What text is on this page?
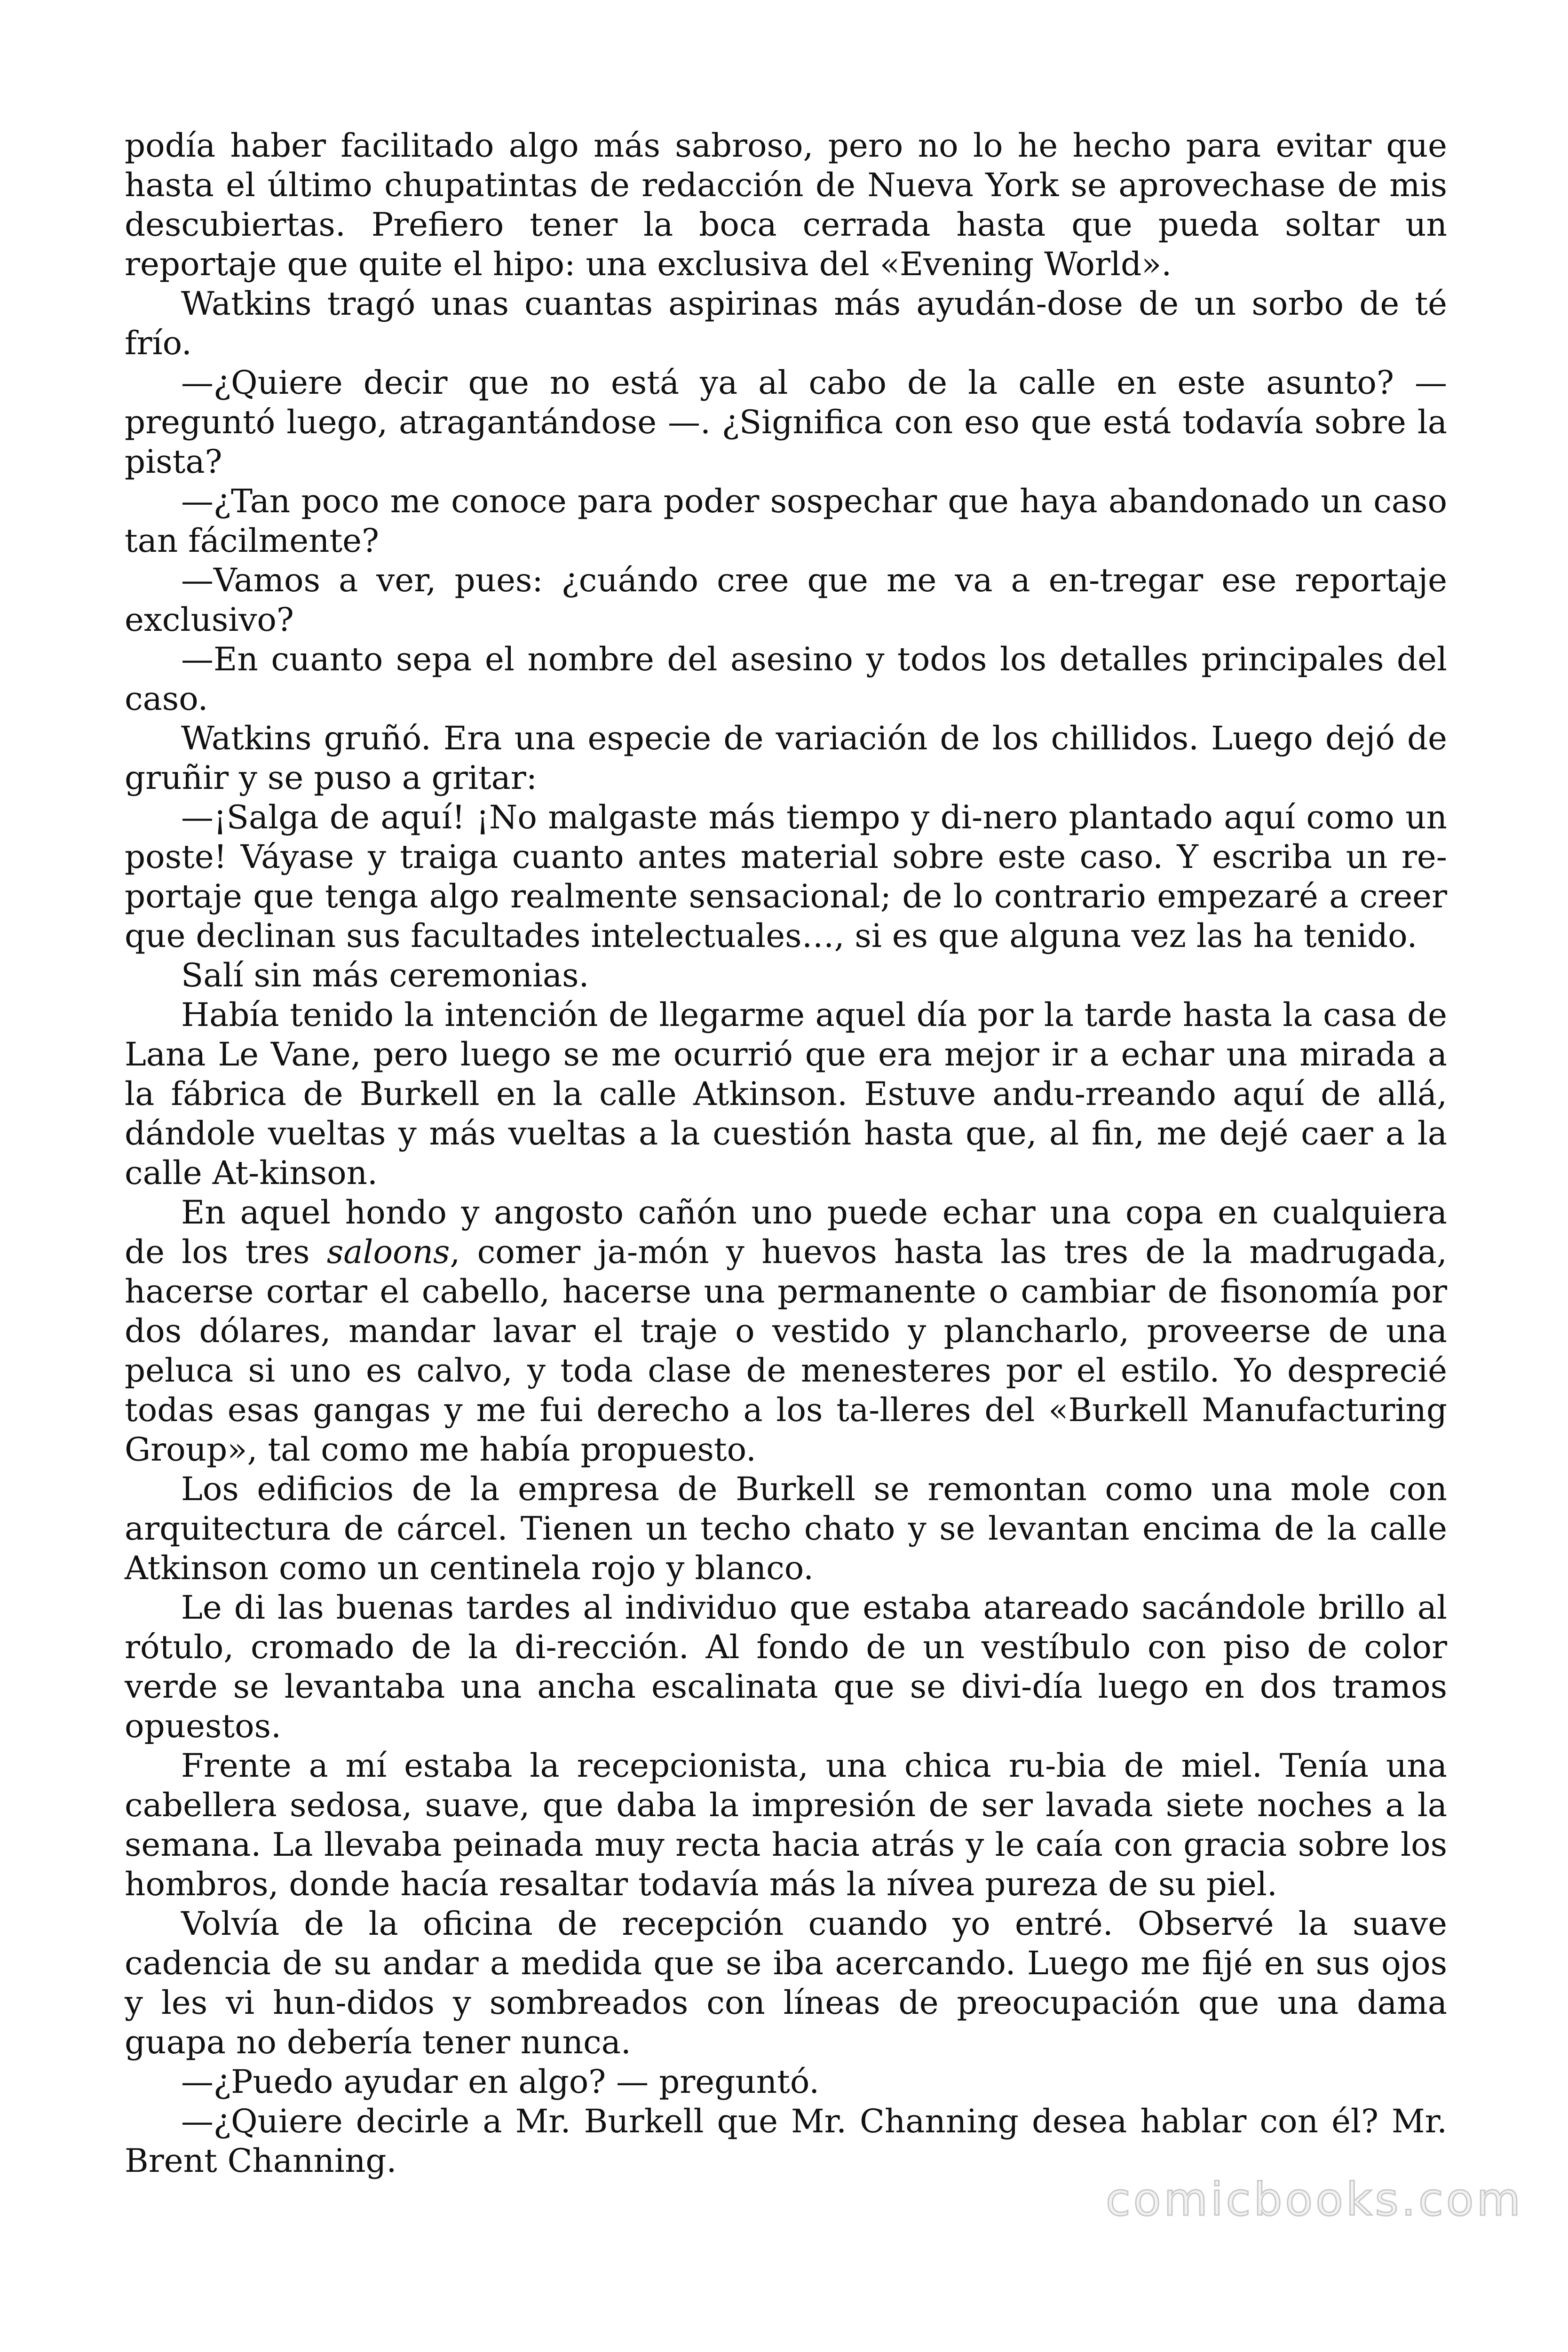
podía haber facilitado algo más sabroso, pero no lo he hecho para evitar que hasta el último chupatintas de redacción de Nueva York se aprovechase de mis descubiertas. Prefiero tener la boca cerrada hasta que pueda soltar un reportaje que quite el hipo: una exclusiva del «Evening World».

Watkins tragó unas cuantas aspirinas más ayudán-dose de un sorbo de té frío.

—¿Quiere decir que no está ya al cabo de la calle en este asunto? — preguntó luego, atragantándose —. ¿Significa con eso que está todavía sobre la pista?

—¿Tan poco me conoce para poder sospechar que haya abandonado un caso tan fácilmente?

—Vamos a ver, pues: ¿cuándo cree que me va a en-tregar ese reportaje exclusivo?

—En cuanto sepa el nombre del asesino y todos los detalles principales del caso.

Watkins gruñó. Era una especie de variación de los chillidos. Luego dejó de gruñir y se puso a gritar:

—¡Salga de aquí! ¡No malgaste más tiempo y di-nero plantado aquí como un poste! Váyase y traiga cuanto antes material sobre este caso. Y escriba un re-portaje que tenga algo realmente sensacional; de lo contrario empezaré a creer que declinan sus facultades intelectuales…, si es que alguna vez las ha tenido.

Salí sin más ceremonias.

Había tenido la intención de llegarme aquel día por la tarde hasta la casa de Lana Le Vane, pero luego se me ocurrió que era mejor ir a echar una mirada a la fábrica de Burkell en la calle Atkinson. Estuve andu-rreando aquí de allá, dándole vueltas y más vueltas a la cuestión hasta que, al fin, me dejé caer a la calle At-kinson.

En aquel hondo y angosto cañón uno puede echar una copa en cualquiera de los tres saloons, comer ja-món y huevos hasta las tres de la madrugada, hacerse cortar el cabello, hacerse una permanente o cambiar de fisonomía por dos dólares, mandar lavar el traje o vestido y plancharlo, proveerse de una peluca si uno es calvo, y toda clase de menesteres por el estilo. Yo desprecié todas esas gangas y me fui derecho a los ta-lleres del «Burkell Manufacturing Group», tal como me había propuesto.

Los edificios de la empresa de Burkell se remontan como una mole con arquitectura de cárcel. Tienen un techo chato y se levantan encima de la calle Atkinson como un centinela rojo y blanco.

Le di las buenas tardes al individuo que estaba atareado sacándole brillo al rótulo, cromado de la di-rección. Al fondo de un vestíbulo con piso de color verde se levantaba una ancha escalinata que se divi-día luego en dos tramos opuestos.

Frente a mí estaba la recepcionista, una chica ru-bia de miel. Tenía una cabellera sedosa, suave, que daba la impresión de ser lavada siete noches a la semana. La llevaba peinada muy recta hacia atrás y le caía con gracia sobre los hombros, donde hacía resaltar todavía más la nívea pureza de su piel.

Volvía de la oficina de recepción cuando yo entré. Observé la suave cadencia de su andar a medida que se iba acercando. Luego me fijé en sus ojos y les vi hun-didos y sombreados con líneas de preocupación que una dama guapa no debería tener nunca.

—¿Puedo ayudar en algo? — preguntó.

—¿Quiere decirle a Mr. Burkell que Mr. Channing desea hablar con él? Mr. Brent Channing.

comicbooks.com
